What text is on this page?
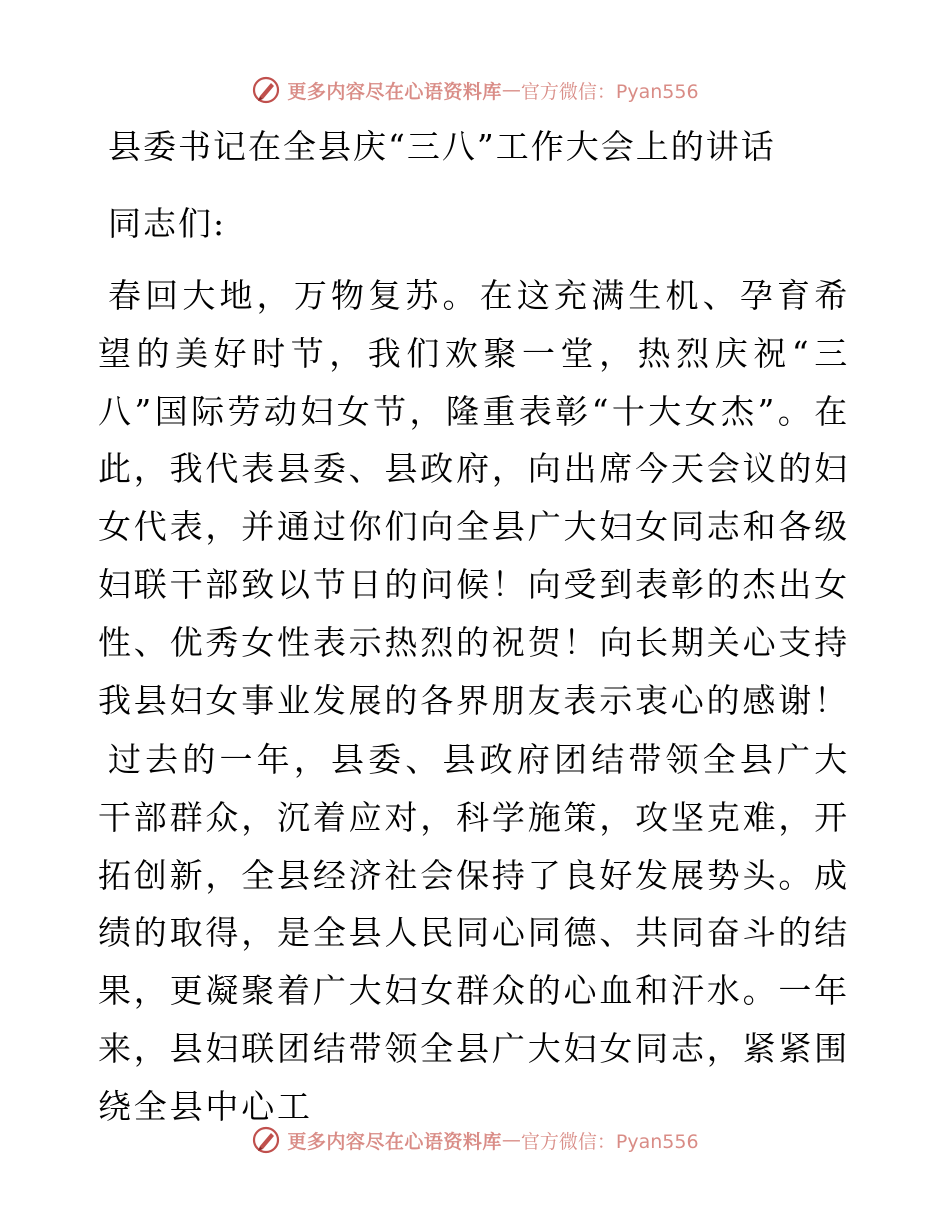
更多内容尽在心语资料库 — 官方微信：Pyan556
县委书记在全县庆“三八”工作大会上的讲话
同志们:

春回大地，万物复苏。在这充满生机、孕育希望的美好时节，我们欢聚一堂，热烈庆祝“三八”国际劳动妇女节，隆重表彰“十大女杰”。在此，我代表县委、县政府，向出席今天会议的妇女代表，并通过你们向全县广大妇女同志和各级妇联干部致以节日的问候！向受到表彰的杰出女性、优秀女性表示热烈的祝贺！向长期关心支持我县妇女事业发展的各界朋友表示衷心的感谢！

过去的一年，县委、县政府团结带领全县广大干部群众，沉着应对，科学施策，攻坚克难，开拓创新，全县经济社会保持了良好发展势头。成绩的取得，是全县人民同心同德、共同奋斗的结果，更凝聚着广大妇女群众的心血和汗水。一年来，县妇联团结带领全县广大妇女同志，紧紧围绕全县中心工

更多内容尽在心语资料库 — 官方微信：Pyan556
